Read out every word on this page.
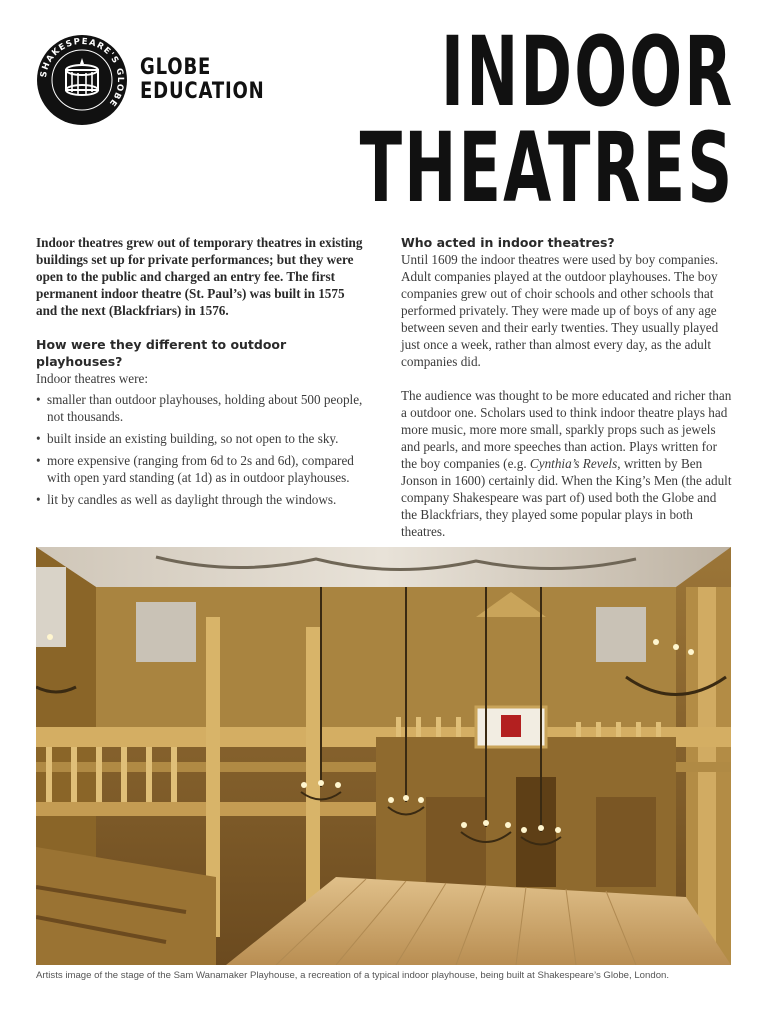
SHAKESPEARE'S GLOBE
GLOBE
EDUCATION	INDOOR
THEATRES

Indoor theatres grew out of temporary theatres in existing buildings set up for private performances; but they were open to the public and charged an entry fee. The first permanent indoor theatre (St. Paul’s) was built in 1575 and the next (Blackfriars) in 1576.

How were they different to outdoor playhouses?

Indoor theatres were:

• smaller than outdoor playhouses, holding about 500 people, not thousands.
• built inside an existing building, so not open to the sky.
• more expensive (ranging from 6d to 2s and 6d), compared with open yard standing (at 1d) as in outdoor playhouses.
• lit by candles as well as daylight through the windows.

Who acted in indoor theatres?

Until 1609 the indoor theatres were used by boy companies. Adult companies played at the outdoor playhouses. The boy companies grew out of choir schools and other schools that performed privately. They were made up of boys of any age between seven and their early twenties. They usually played just once a week, rather than almost every day, as the adult companies did.

The audience was thought to be more educated and richer than a outdoor one. Scholars used to think indoor theatre plays had more music, more more small, sparkly props such as jewels and pearls, and more speeches than action. Plays written for the boy companies (e.g. Cynthia’s Revels, written by Ben Jonson in 1600) certainly did. When the King’s Men (the adult company Shakespeare was part of) used both the Globe and the Blackfriars, they played some popular plays in both theatres.

Artists image of the stage of the Sam Wanamaker Playhouse, a recreation of a typical indoor playhouse, being built at Shakespeare’s Globe, London.
